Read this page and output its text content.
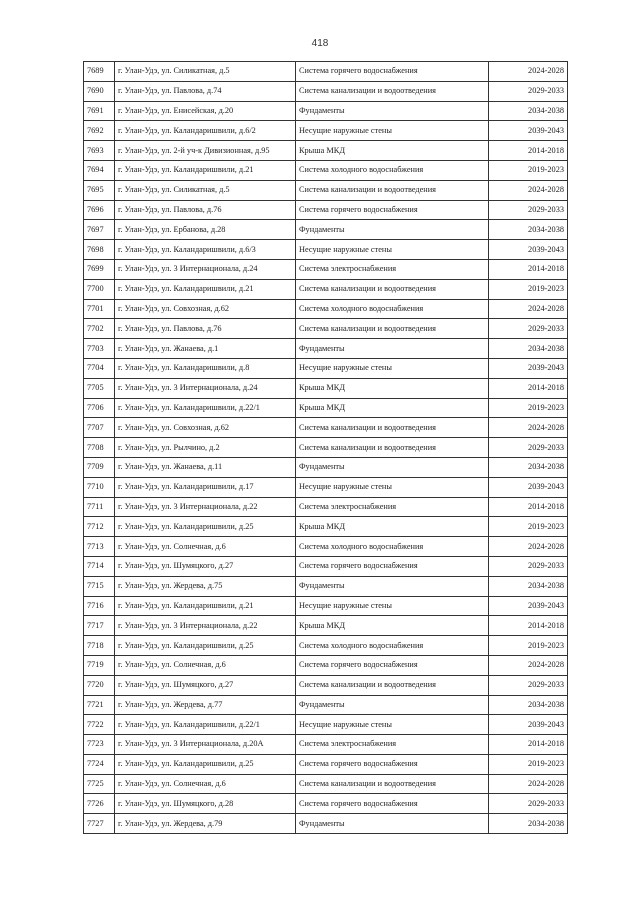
418
7689	г. Улан-Удэ, ул. Силикатная, д.5	Система горячего водоснабжения	2024-2028
7690	г. Улан-Удэ, ул. Павлова, д.74	Система канализации и водоотведения	2029-2033
7691	г. Улан-Удэ, ул. Енисейская, д.20	Фундаменты	2034-2038
7692	г. Улан-Удэ, ул. Каландаришвили, д.6/2	Несущие наружные стены	2039-2043
7693	г. Улан-Удэ, ул. 2-й уч-к Дивизионная, д.95	Крыша МКД	2014-2018
7694	г. Улан-Удэ, ул. Каландаришвили, д.21	Система холодного водоснабжения	2019-2023
7695	г. Улан-Удэ, ул. Силикатная, д.5	Система канализации и водоотведения	2024-2028
7696	г. Улан-Удэ, ул. Павлова, д.76	Система горячего водоснабжения	2029-2033
7697	г. Улан-Удэ, ул. Ербанова, д.28	Фундаменты	2034-2038
7698	г. Улан-Удэ, ул. Каландаришвили, д.6/3	Несущие наружные стены	2039-2043
7699	г. Улан-Удэ, ул. 3 Интернационала, д.24	Система электроснабжения	2014-2018
7700	г. Улан-Удэ, ул. Каландаришвили, д.21	Система канализации и водоотведения	2019-2023
7701	г. Улан-Удэ, ул. Совхозная, д.62	Система холодного водоснабжения	2024-2028
7702	г. Улан-Удэ, ул. Павлова, д.76	Система канализации и водоотведения	2029-2033
7703	г. Улан-Удэ, ул. Жанаева, д.1	Фундаменты	2034-2038
7704	г. Улан-Удэ, ул. Каландаришвили, д.8	Несущие наружные стены	2039-2043
7705	г. Улан-Удэ, ул. 3 Интернационала, д.24	Крыша МКД	2014-2018
7706	г. Улан-Удэ, ул. Каландаришвили, д.22/1	Крыша МКД	2019-2023
7707	г. Улан-Удэ, ул. Совхозная, д.62	Система канализации и водоотведения	2024-2028
7708	г. Улан-Удэ, ул. Рылчино, д.2	Система канализации и водоотведения	2029-2033
7709	г. Улан-Удэ, ул. Жанаева, д.11	Фундаменты	2034-2038
7710	г. Улан-Удэ, ул. Каландаришвили, д.17	Несущие наружные стены	2039-2043
7711	г. Улан-Удэ, ул. 3 Интернационала, д.22	Система электроснабжения	2014-2018
7712	г. Улан-Удэ, ул. Каландаришвили, д.25	Крыша МКД	2019-2023
7713	г. Улан-Удэ, ул. Солнечная, д.6	Система холодного водоснабжения	2024-2028
7714	г. Улан-Удэ, ул. Шумяцкого, д.27	Система горячего водоснабжения	2029-2033
7715	г. Улан-Удэ, ул. Жердева, д.75	Фундаменты	2034-2038
7716	г. Улан-Удэ, ул. Каландаришвили, д.21	Несущие наружные стены	2039-2043
7717	г. Улан-Удэ, ул. 3 Интернационала, д.22	Крыша МКД	2014-2018
7718	г. Улан-Удэ, ул. Каландаришвили, д.25	Система холодного водоснабжения	2019-2023
7719	г. Улан-Удэ, ул. Солнечная, д.6	Система горячего водоснабжения	2024-2028
7720	г. Улан-Удэ, ул. Шумяцкого, д.27	Система канализации и водоотведения	2029-2033
7721	г. Улан-Удэ, ул. Жердева, д.77	Фундаменты	2034-2038
7722	г. Улан-Удэ, ул. Каландаришвили, д.22/1	Несущие наружные стены	2039-2043
7723	г. Улан-Удэ, ул. 3 Интернационала, д.20А	Система электроснабжения	2014-2018
7724	г. Улан-Удэ, ул. Каландаришвили, д.25	Система горячего водоснабжения	2019-2023
7725	г. Улан-Удэ, ул. Солнечная, д.6	Система канализации и водоотведения	2024-2028
7726	г. Улан-Удэ, ул. Шумяцкого, д.28	Система горячего водоснабжения	2029-2033
7727	г. Улан-Удэ, ул. Жердева, д.79	Фундаменты	2034-2038
